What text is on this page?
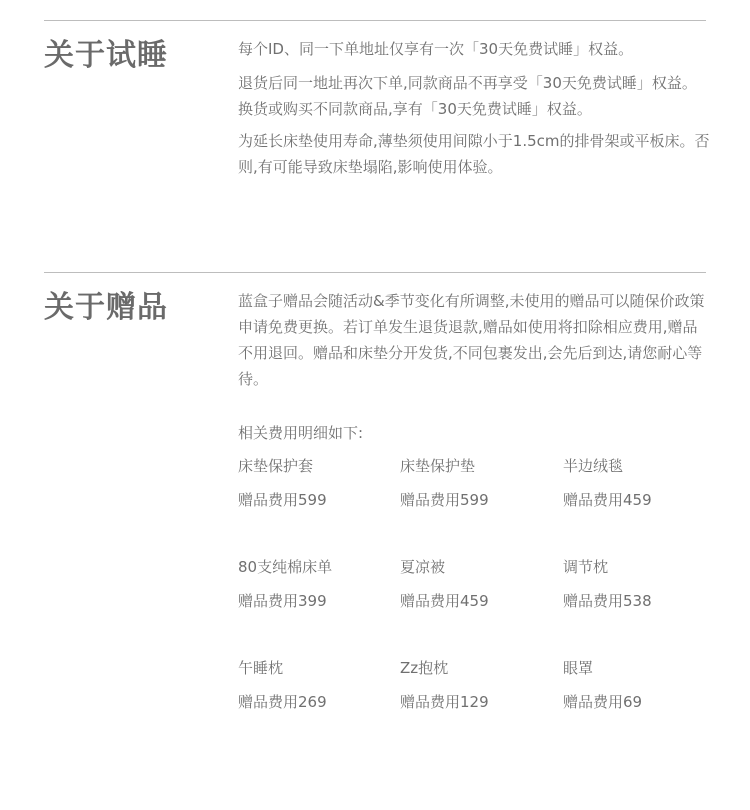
关于试睡	每个ID、同一下单地址仅享有一次「30天免费试睡」权益。

退货后同一地址再次下单,同款商品不再享受「30天免费试睡」权益。换货或购买不同款商品,享有「30天免费试睡」权益。

为延长床垫使用寿命,薄垫须使用间隙小于1.5cm的排骨架或平板床。否则,有可能导致床垫塌陷,影响使用体验。

关于赠品	蓝盒子赠品会随活动&季节变化有所调整,未使用的赠品可以随保价政策申请免费更换。若订单发生退货退款,赠品如使用将扣除相应费用,赠品不用退回。赠品和床垫分开发货,不同包裹发出,会先后到达,请您耐心等待。

相关费用明细如下:
床垫保护套
赠品费用599
床垫保护垫
赠品费用599
半边绒毯
赠品费用459
80支纯棉床单
赠品费用399
夏凉被
赠品费用459
调节枕
赠品费用538
午睡枕
赠品费用269
Zz抱枕
赠品费用129
眼罩
赠品费用69
